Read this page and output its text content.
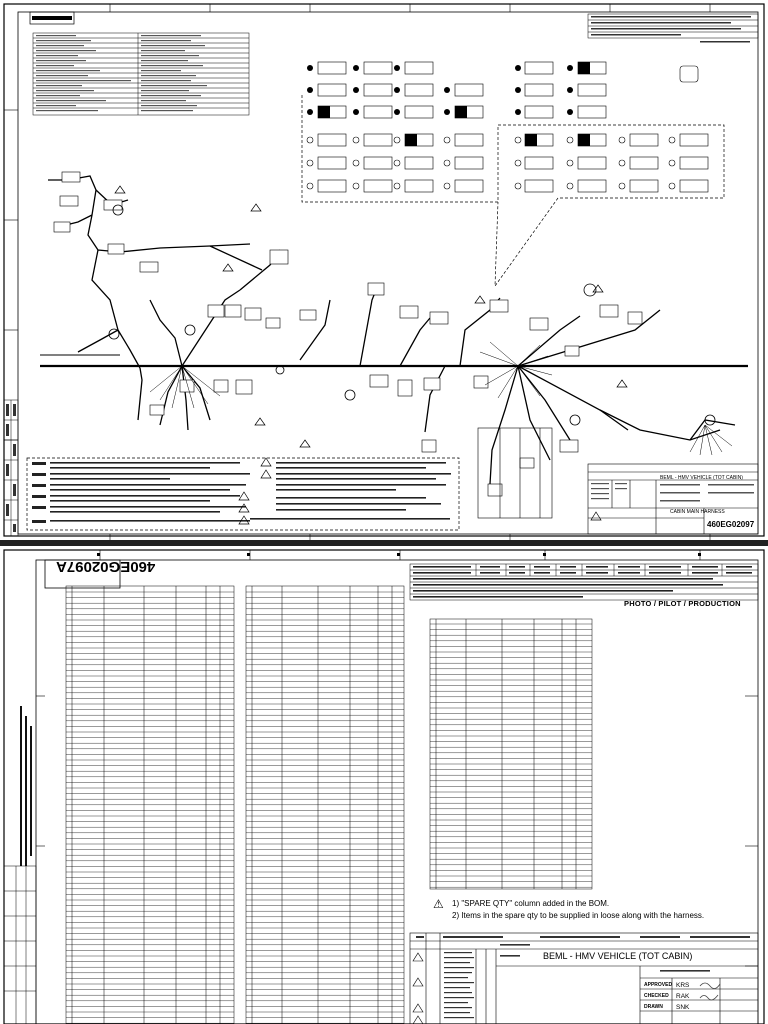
BEML - HMV VEHICLE (TOT CABIN)
CABIN MAIN HARNESS
460EG02097
460EG02097A
PHOTO / PILOT / PRODUCTION
⚠ 1) "SPARE QTY" column added in the BOM.
2) Items in the spare qty to be supplied in loose along with the harness.
BEML - HMV VEHICLE (TOT CABIN)
APPROVED
CHECKED
DRAWN
KRS
RAK
SNK
